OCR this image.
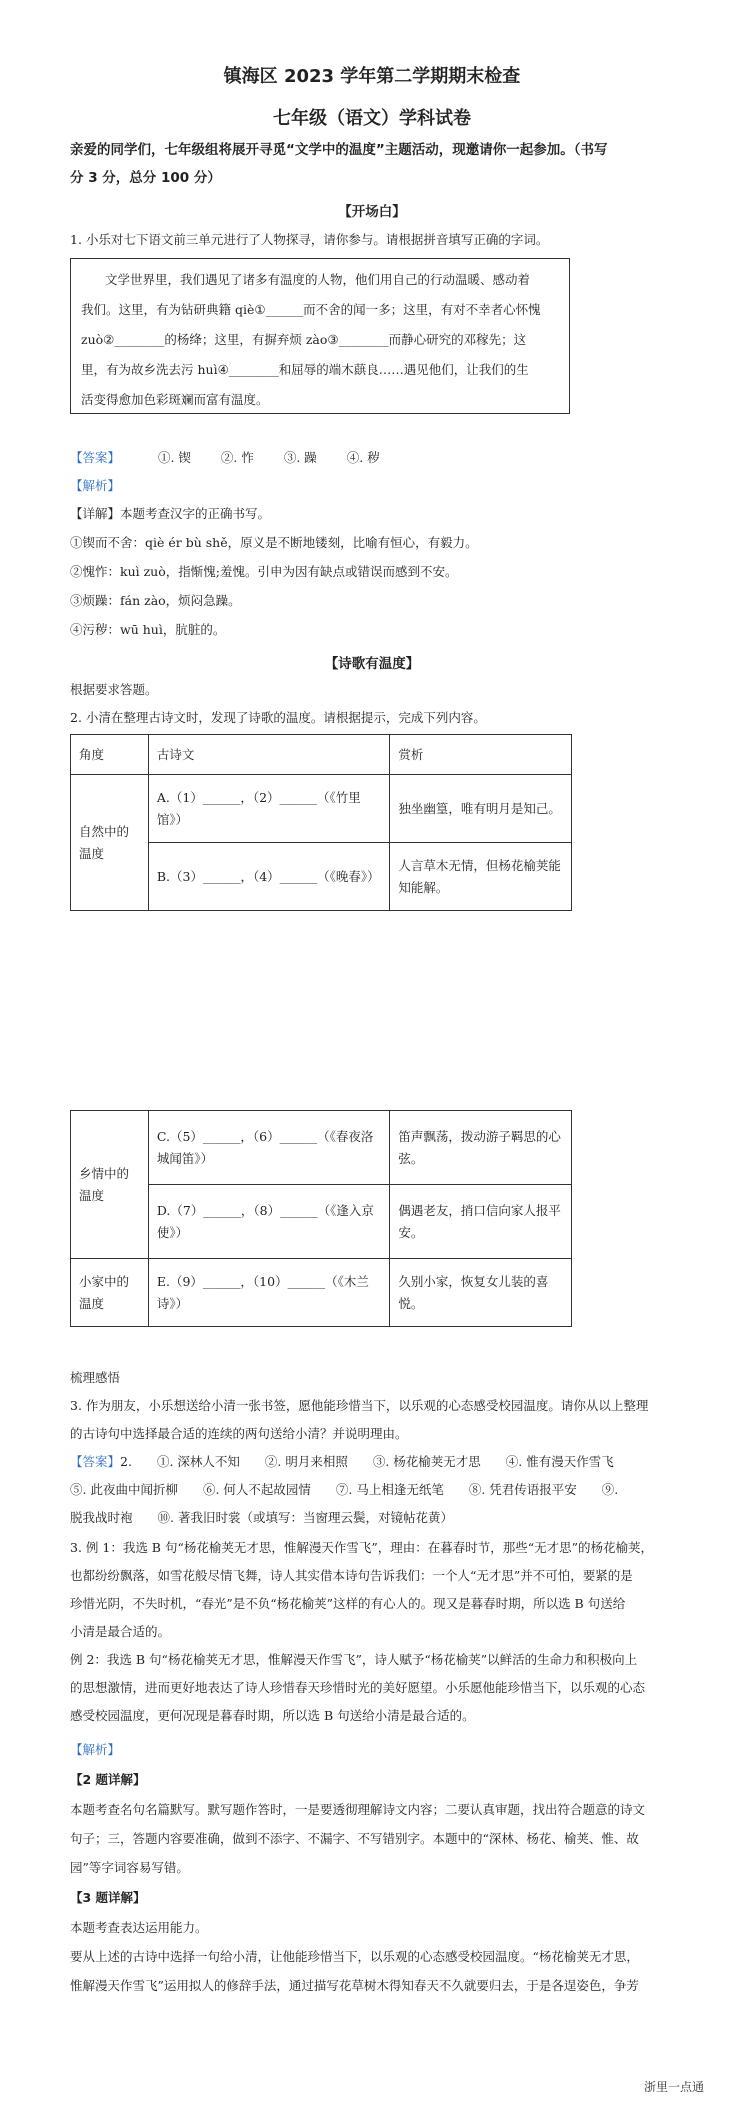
镇海区 2023 学年第二学期期末检查
七年级（语文）学科试卷
亲爱的同学们，七年级组将展开寻觅“文学中的温度”主题活动，现邀请你一起参加。（书写
分 3 分，总分 100 分）
【开场白】
1. 小乐对七下语文前三单元进行了人物探寻，请你参与。请根据拼音填写正确的字词。
文学世界里，我们遇见了诸多有温度的人物，他们用自己的行动温暖、感动着
我们。这里，有为钻研典籍 qiè①______而不舍的闻一多；这里，有对不幸者心怀愧
zuò②________的杨绛；这里，有摒弃烦 zào③________而静心研究的邓稼先；这
里，有为故乡洗去污 huì④________和屈辱的端木蕻良……遇见他们，让我们的生
活变得愈加色彩斑斓而富有温度。
【答案】	①. 锲 ②. 怍 ③. 躁 ④. 秽
【解析】
【详解】本题考查汉字的正确书写。
①锲而不舍：qiè ér bù shě，原义是不断地镂刻，比喻有恒心，有毅力。
②愧怍：kuì zuò，指惭愧;羞愧。引申为因有缺点或错误而感到不安。
③烦躁：fán zào，烦闷急躁。
④污秽：wū huì，肮脏的。
【诗歌有温度】
根据要求答题。
2. 小清在整理古诗文时，发现了诗歌的温度。请根据提示，完成下列内容。
角度	古诗文	赏析
自然中的温度	A.（1）______，（2）______（《竹里馆》）	独坐幽篁，唯有明月是知己。
	B.（3）______，（4）______（《晚春》）	人言草木无情，但杨花榆荚能知能解。
乡情中的温度	C.（5）______，（6）______（《春夜洛城闻笛》）	笛声飘荡，拨动游子羁思的心弦。
	D.（7）______，（8）______（《逢入京使》）	偶遇老友，捎口信向家人报平安。
小家中的温度	E.（9）______，（10）______（《木兰诗》）	久别小家，恢复女儿装的喜悦。
梳理感悟
3. 作为朋友，小乐想送给小清一张书签，愿他能珍惜当下，以乐观的心态感受校园温度。请你从以上整理
的古诗句中选择最合适的连续的两句送给小清？并说明理由。
【答案】2.　　①. 深林人不知　　②. 明月来相照　　③. 杨花榆荚无才思　　④. 惟有漫天作雪飞
⑤. 此夜曲中闻折柳　　⑥. 何人不起故园情　　⑦. 马上相逢无纸笔　　⑧. 凭君传语报平安　　⑨.
脱我战时袍　　⑩. 著我旧时裳（或填写：当窗理云鬓，对镜帖花黄）
3. 例 1：我选 B 句“杨花榆荚无才思，惟解漫天作雪飞”，理由：在暮春时节，那些“无才思”的杨花榆荚，
也都纷纷飘落，如雪花般尽情飞舞，诗人其实借本诗句告诉我们：一个人“无才思”并不可怕，要紧的是
珍惜光阴，不失时机，“春光”是不负“杨花榆荚”这样的有心人的。现又是暮春时期，所以选 B 句送给
小清是最合适的。
例 2：我选 B 句“杨花榆荚无才思，惟解漫天作雪飞”，诗人赋予“杨花榆荚”以鲜活的生命力和积极向上
的思想激情，进而更好地表达了诗人珍惜春天珍惜时光的美好愿望。小乐愿他能珍惜当下，以乐观的心态
感受校园温度，更何况现是暮春时期，所以选 B 句送给小清是最合适的。
【解析】
【2 题详解】
本题考查名句名篇默写。默写题作答时，一是要透彻理解诗文内容；二要认真审题，找出符合题意的诗文
句子；三，答题内容要准确，做到不添字、不漏字、不写错别字。本题中的“深林、杨花、榆荚、惟、故
园”等字词容易写错。
【3 题详解】
本题考查表达运用能力。
要从上述的古诗中选择一句给小清，让他能珍惜当下，以乐观的心态感受校园温度。“杨花榆荚无才思，
惟解漫天作雪飞”运用拟人的修辞手法，通过描写花草树木得知春天不久就要归去，于是各逞姿色，争芳
浙里一点通
